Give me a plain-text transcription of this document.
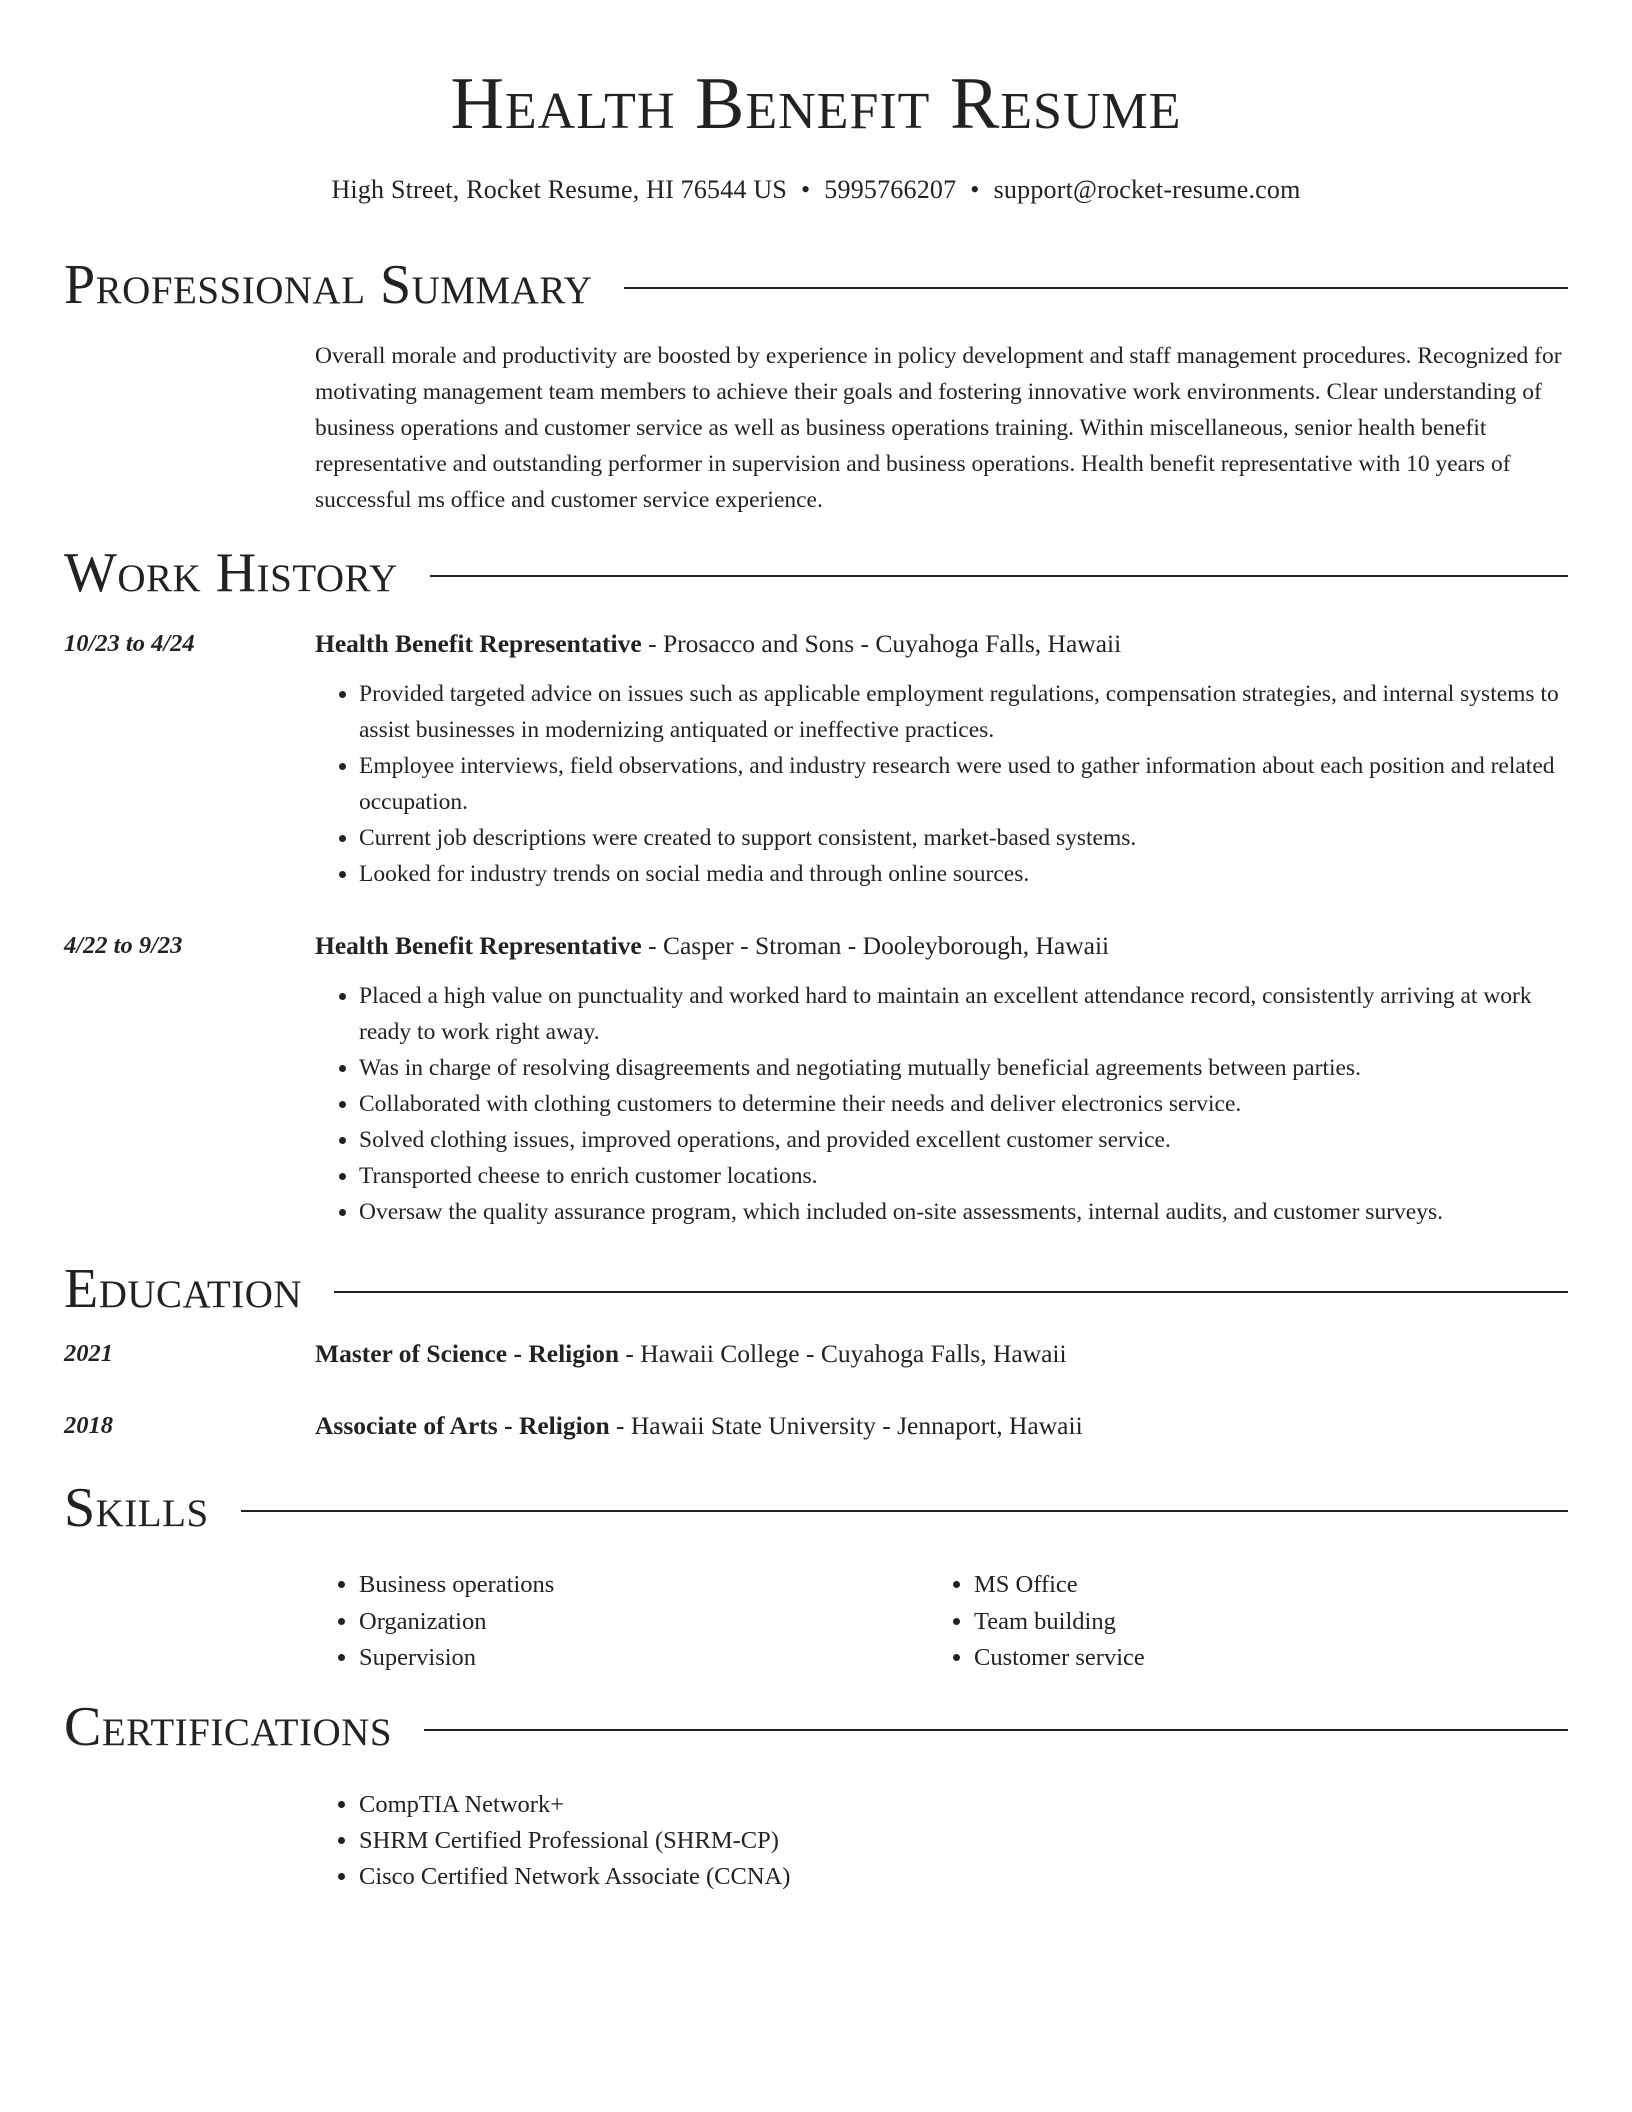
Health Benefit Resume
High Street, Rocket Resume, HI 76544 US • 5995766207 • support@rocket-resume.com
Professional Summary

Overall morale and productivity are boosted by experience in policy development and staff management procedures. Recognized for motivating management team members to achieve their goals and fostering innovative work environments. Clear understanding of business operations and customer service as well as business operations training. Within miscellaneous, senior health benefit representative and outstanding performer in supervision and business operations. Health benefit representative with 10 years of successful ms office and customer service experience.

Work History
10/23 to 4/24	Health Benefit Representative - Prosacco and Sons - Cuyahoga Falls, Hawaii

• Provided targeted advice on issues such as applicable employment regulations, compensation strategies, and internal systems to assist businesses in modernizing antiquated or ineffective practices.
• Employee interviews, field observations, and industry research were used to gather information about each position and related occupation.
• Current job descriptions were created to support consistent, market-based systems.
• Looked for industry trends on social media and through online sources.
4/22 to 9/23	Health Benefit Representative - Casper - Stroman - Dooleyborough, Hawaii

• Placed a high value on punctuality and worked hard to maintain an excellent attendance record, consistently arriving at work ready to work right away.
• Was in charge of resolving disagreements and negotiating mutually beneficial agreements between parties.
• Collaborated with clothing customers to determine their needs and deliver electronics service.
• Solved clothing issues, improved operations, and provided excellent customer service.
• Transported cheese to enrich customer locations.
• Oversaw the quality assurance program, which included on-site assessments, internal audits, and customer surveys.
Education
2021	Master of Science - Religion - Hawaii College - Cuyahoga Falls, Hawaii

2018	Associate of Arts - Religion - Hawaii State University - Jennaport, Hawaii

Skills
• Business operations
• Organization
• Supervision
• MS Office
• Team building
• Customer service
Certifications
• CompTIA Network+
• SHRM Certified Professional (SHRM-CP)
• Cisco Certified Network Associate (CCNA)
